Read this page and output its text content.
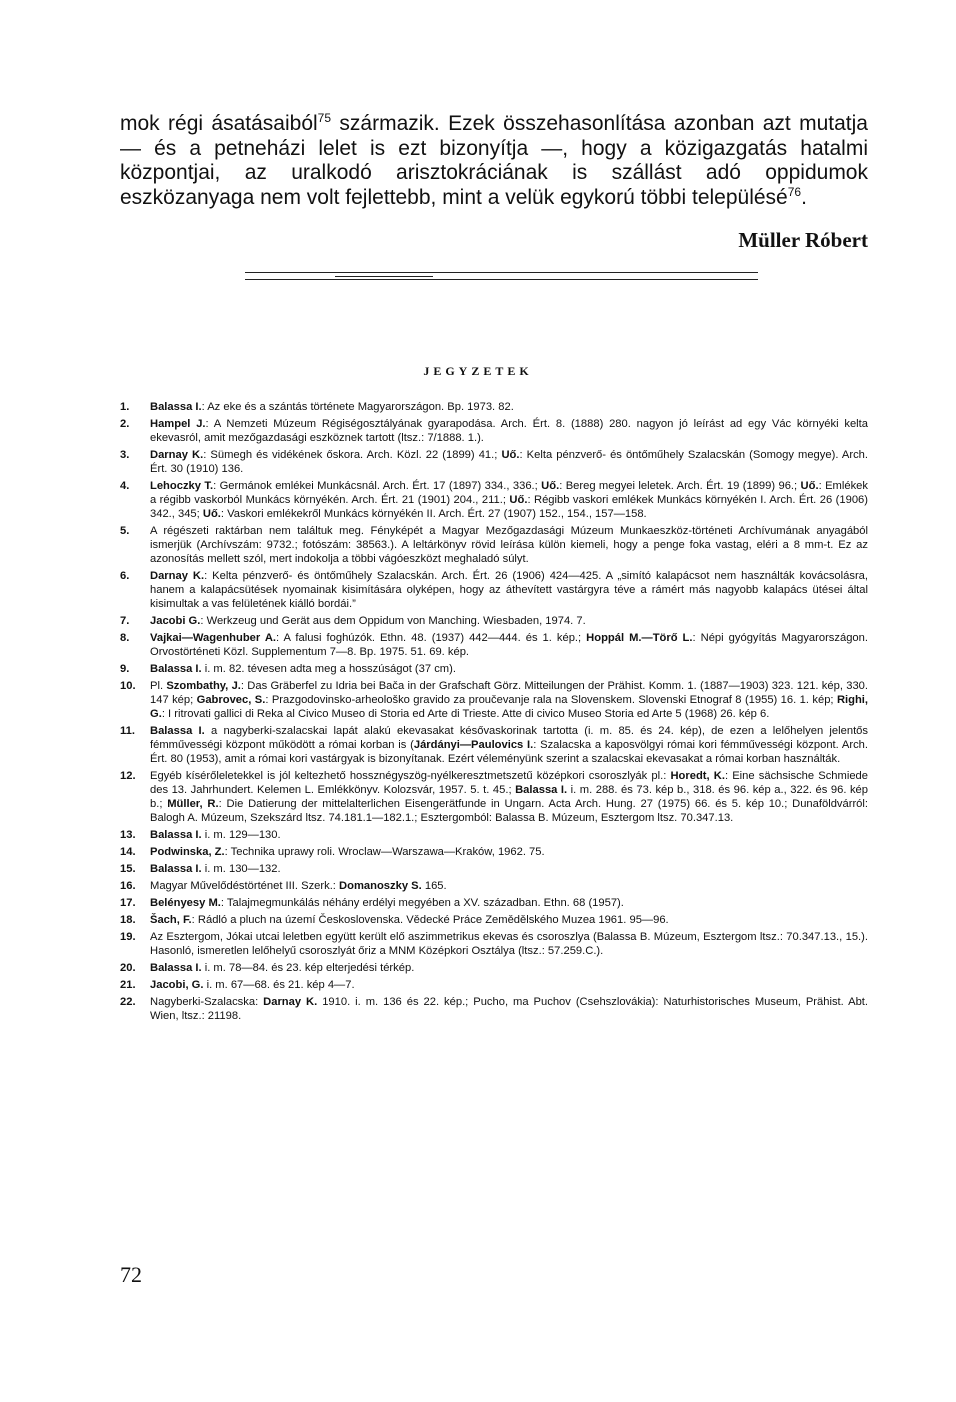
mok régi ásatásaiból$^{75}$ származik. Ezek összehasonlítása azonban azt mutatja — és a petneházi lelet is ezt bizonyítja —, hogy a közigazgatás hatalmi központjai, az uralkodó arisztokráciának is szállást adó oppidumok eszközanyaga nem volt fejlettebb, mint a velük egykorú többi településé$^{76}$.

Müller Róbert
JEGYZETEK
1. Balassa I.: Az eke és a szántás története Magyarországon. Bp. 1973. 82.
2. Hampel J.: A Nemzeti Múzeum Régiségosztályának gyarapodása. Arch. Ért. 8. (1888) 280. nagyon jó leírást ad egy Vác környéki kelta ekevasról, amit mezőgazdasági eszköznek tartott (ltsz.: 7/1888. 1.).
3. Darnay K.: Sümegh és vidékének őskora. Arch. Közl. 22 (1899) 41.; Uő.: Kelta pénzverő- és öntőműhely Szalacskán (Somogy megye). Arch. Ért. 30 (1910) 136.
4. Lehoczky T.: Germánok emlékei Munkácsnál. Arch. Ért. 17 (1897) 334., 336.; Uő.: Bereg megyei leletek. Arch. Ért. 19 (1899) 96.; Uő.: Emlékek a régibb vaskorból Munkács környékén. Arch. Ért. 21 (1901) 204., 211.; Uő.: Régibb vaskori emlékek Munkács környékén I. Arch. Ért. 26 (1906) 342., 345; Uő.: Vaskori emlékekről Munkács környékén II. Arch. Ért. 27 (1907) 152., 154., 157—158.
5. A régészeti raktárban nem találtuk meg. Fényképét a Magyar Mezőgazdasági Múzeum Munkaeszköz-történeti Archívumának anyagából ismerjük (Archívszám: 9732.; fotószám: 38563.). A leltárkönyv rövid leírása külön kiemeli, hogy a penge foka vastag, eléri a 8 mm-t. Ez az azonosítás mellett szól, mert indokolja a többi vágóeszközt meghaladó súlyt.
6. Darnay K.: Kelta pénzverő- és öntőműhely Szalacskán. Arch. Ért. 26 (1906) 424—425. A „simító kalapácsot nem használták kovácsolásra, hanem a kalapácsütések nyomainak kisimítására olyképen, hogy az áthevített vastárgyra téve a rámért más nagyobb kalapács ütései által kisimultak a vas felületének kiálló bordái.”
7. Jacobi G.: Werkzeug und Gerät aus dem Oppidum von Manching. Wiesbaden, 1974. 7.
8. Vajkai—Wagenhuber A.: A falusi foghúzók. Ethn. 48. (1937) 442—444. és 1. kép.; Hoppál M.—Törő L.: Népi gyógyítás Magyarországon. Orvostörténeti Közl. Supplementum 7—8. Bp. 1975. 51. 69. kép.
9. Balassa I. i. m. 82. tévesen adta meg a hosszúságot (37 cm).
10. Pl. Szombathy, J.: Das Gräberfel zu Idria bei Bača in der Grafschaft Görz. Mitteilungen der Prähist. Komm. 1. (1887—1903) 323. 121. kép, 330. 147 kép; Gabrovec, S.: Prazgodovinsko-arheološko gravido za proučevanje rala na Slovenskem. Slovenski Etnograf 8 (1955) 16. 1. kép; Righi, G.: I ritrovati gallici di Reka al Civico Museo di Storia ed Arte di Trieste. Atte di civico Museo Storia ed Arte 5 (1968) 26. kép 6.
11. Balassa I. a nagyberki-szalacskai lapát alakú ekevasakat késővaskorinak tartotta (i. m. 85. és 24. kép), de ezen a lelőhelyen jelentős fémművességi központ működött a római korban is (Járdányi—Paulovics I.: Szalacska a kaposvölgyi római kori fémművességi központ. Arch. Ért. 80 (1953), amit a római kori vastárgyak is bizonyítanak. Ezért véleményünk szerint a szalacskai ekevasakat a római korban használták.
12. Egyéb kísérőleletekkel is jól keltezhető hossznégyszög-nyélkeresztmetszetű középkori csoroszlyák pl.: Horedt, K.: Eine sächsische Schmiede des 13. Jahrhundert. Kelemen L. Emlékkönyv. Kolozsvár, 1957. 5. t. 45.; Balassa I. i. m. 288. és 73. kép b., 318. és 96. kép a., 322. és 96. kép b.; Müller, R.: Die Datierung der mittelalterlichen Eisengerätfunde in Ungarn. Acta Arch. Hung. 27 (1975) 66. és 5. kép 10.; Dunaföldvárról: Balogh A. Múzeum, Szekszárd ltsz. 74.181.1—182.1.; Esztergomból: Balassa B. Múzeum, Esztergom ltsz. 70.347.13.
13. Balassa I. i. m. 129—130.
14. Podwinska, Z.: Technika uprawy roli. Wroclaw—Warszawa—Kraków, 1962. 75.
15. Balassa I. i. m. 130—132.
16. Magyar Művelődéstörténet III. Szerk.: Domanoszky S. 165.
17. Belényesy M.: Talajmegmunkálás néhány erdélyi megyében a XV. században. Ethn. 68 (1957).
18. Šach, F.: Rádló a pluch na území Československa. Vědecké Práce Zemědělského Muzea 1961. 95—96.
19. Az Esztergom, Jókai utcai leletben együtt került elő aszimmetrikus ekevas és csoroszlya (Balassa B. Múzeum, Esztergom ltsz.: 70.347.13., 15.). Hasonló, ismeretlen lelőhelyű csoroszlyát őriz a MNM Középkori Osztálya (ltsz.: 57.259.C.).
20. Balassa I. i. m. 78—84. és 23. kép elterjedési térkép.
21. Jacobi, G. i. m. 67—68. és 21. kép 4—7.
22. Nagyberki-Szalacska: Darnay K. 1910. i. m. 136 és 22. kép.; Pucho, ma Puchov (Csehszlovákia): Naturhistorisches Museum, Prähist. Abt. Wien, ltsz.: 21198.
72
